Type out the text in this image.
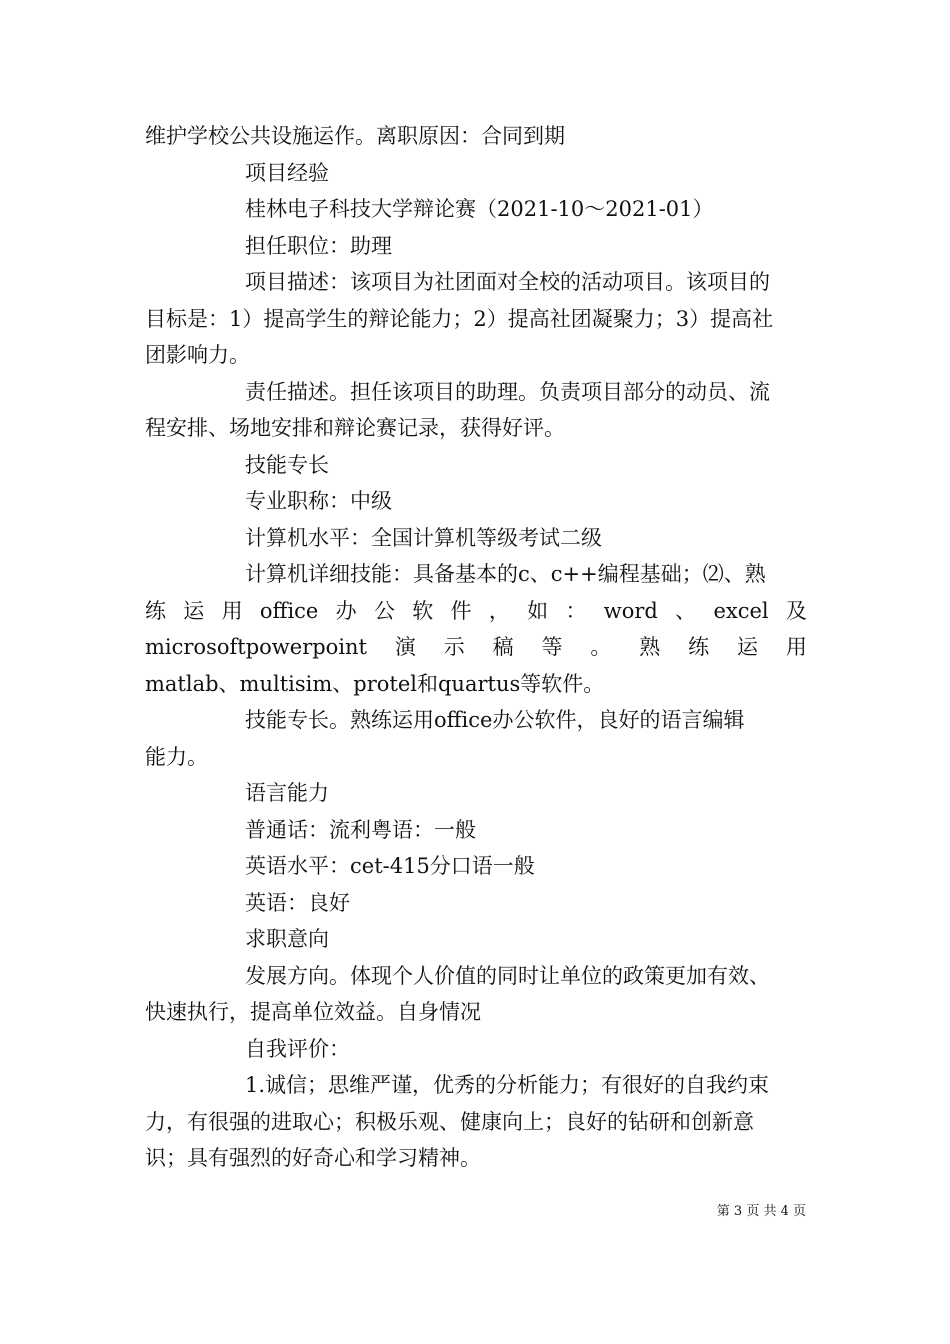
维护学校公共设施运作。离职原因：合同到期
项目经验
桂林电子科技大学辩论赛（2021-10～2021-01）
担任职位：助理
项目描述：该项目为社团面对全校的活动项目。该项目的
目标是：1）提高学生的辩论能力；2）提高社团凝聚力；3）提高社
团影响力。
责任描述。担任该项目的助理。负责项目部分的动员、流
程安排、场地安排和辩论赛记录，获得好评。
技能专长
专业职称：中级
计算机水平：全国计算机等级考试二级
计算机详细技能：具备基本的c、c++编程基础；⑵、熟
练 运 用 office 办 公 软 件 ， 如 ： word 、 excel 及
microsoftpowerpoint 演 示 稿 等 。 熟 练 运 用
matlab、multisim、protel和quartus等软件。
技能专长。熟练运用office办公软件，良好的语言编辑
能力。
语言能力
普通话：流利粤语：一般
英语水平：cet-415分口语一般
英语：良好
求职意向
发展方向。体现个人价值的同时让单位的政策更加有效、
快速执行，提高单位效益。自身情况
自我评价：
1.诚信；思维严谨，优秀的分析能力；有很好的自我约束
力，有很强的进取心；积极乐观、健康向上；良好的钻研和创新意
识；具有强烈的好奇心和学习精神。
第 3 页 共 4 页
